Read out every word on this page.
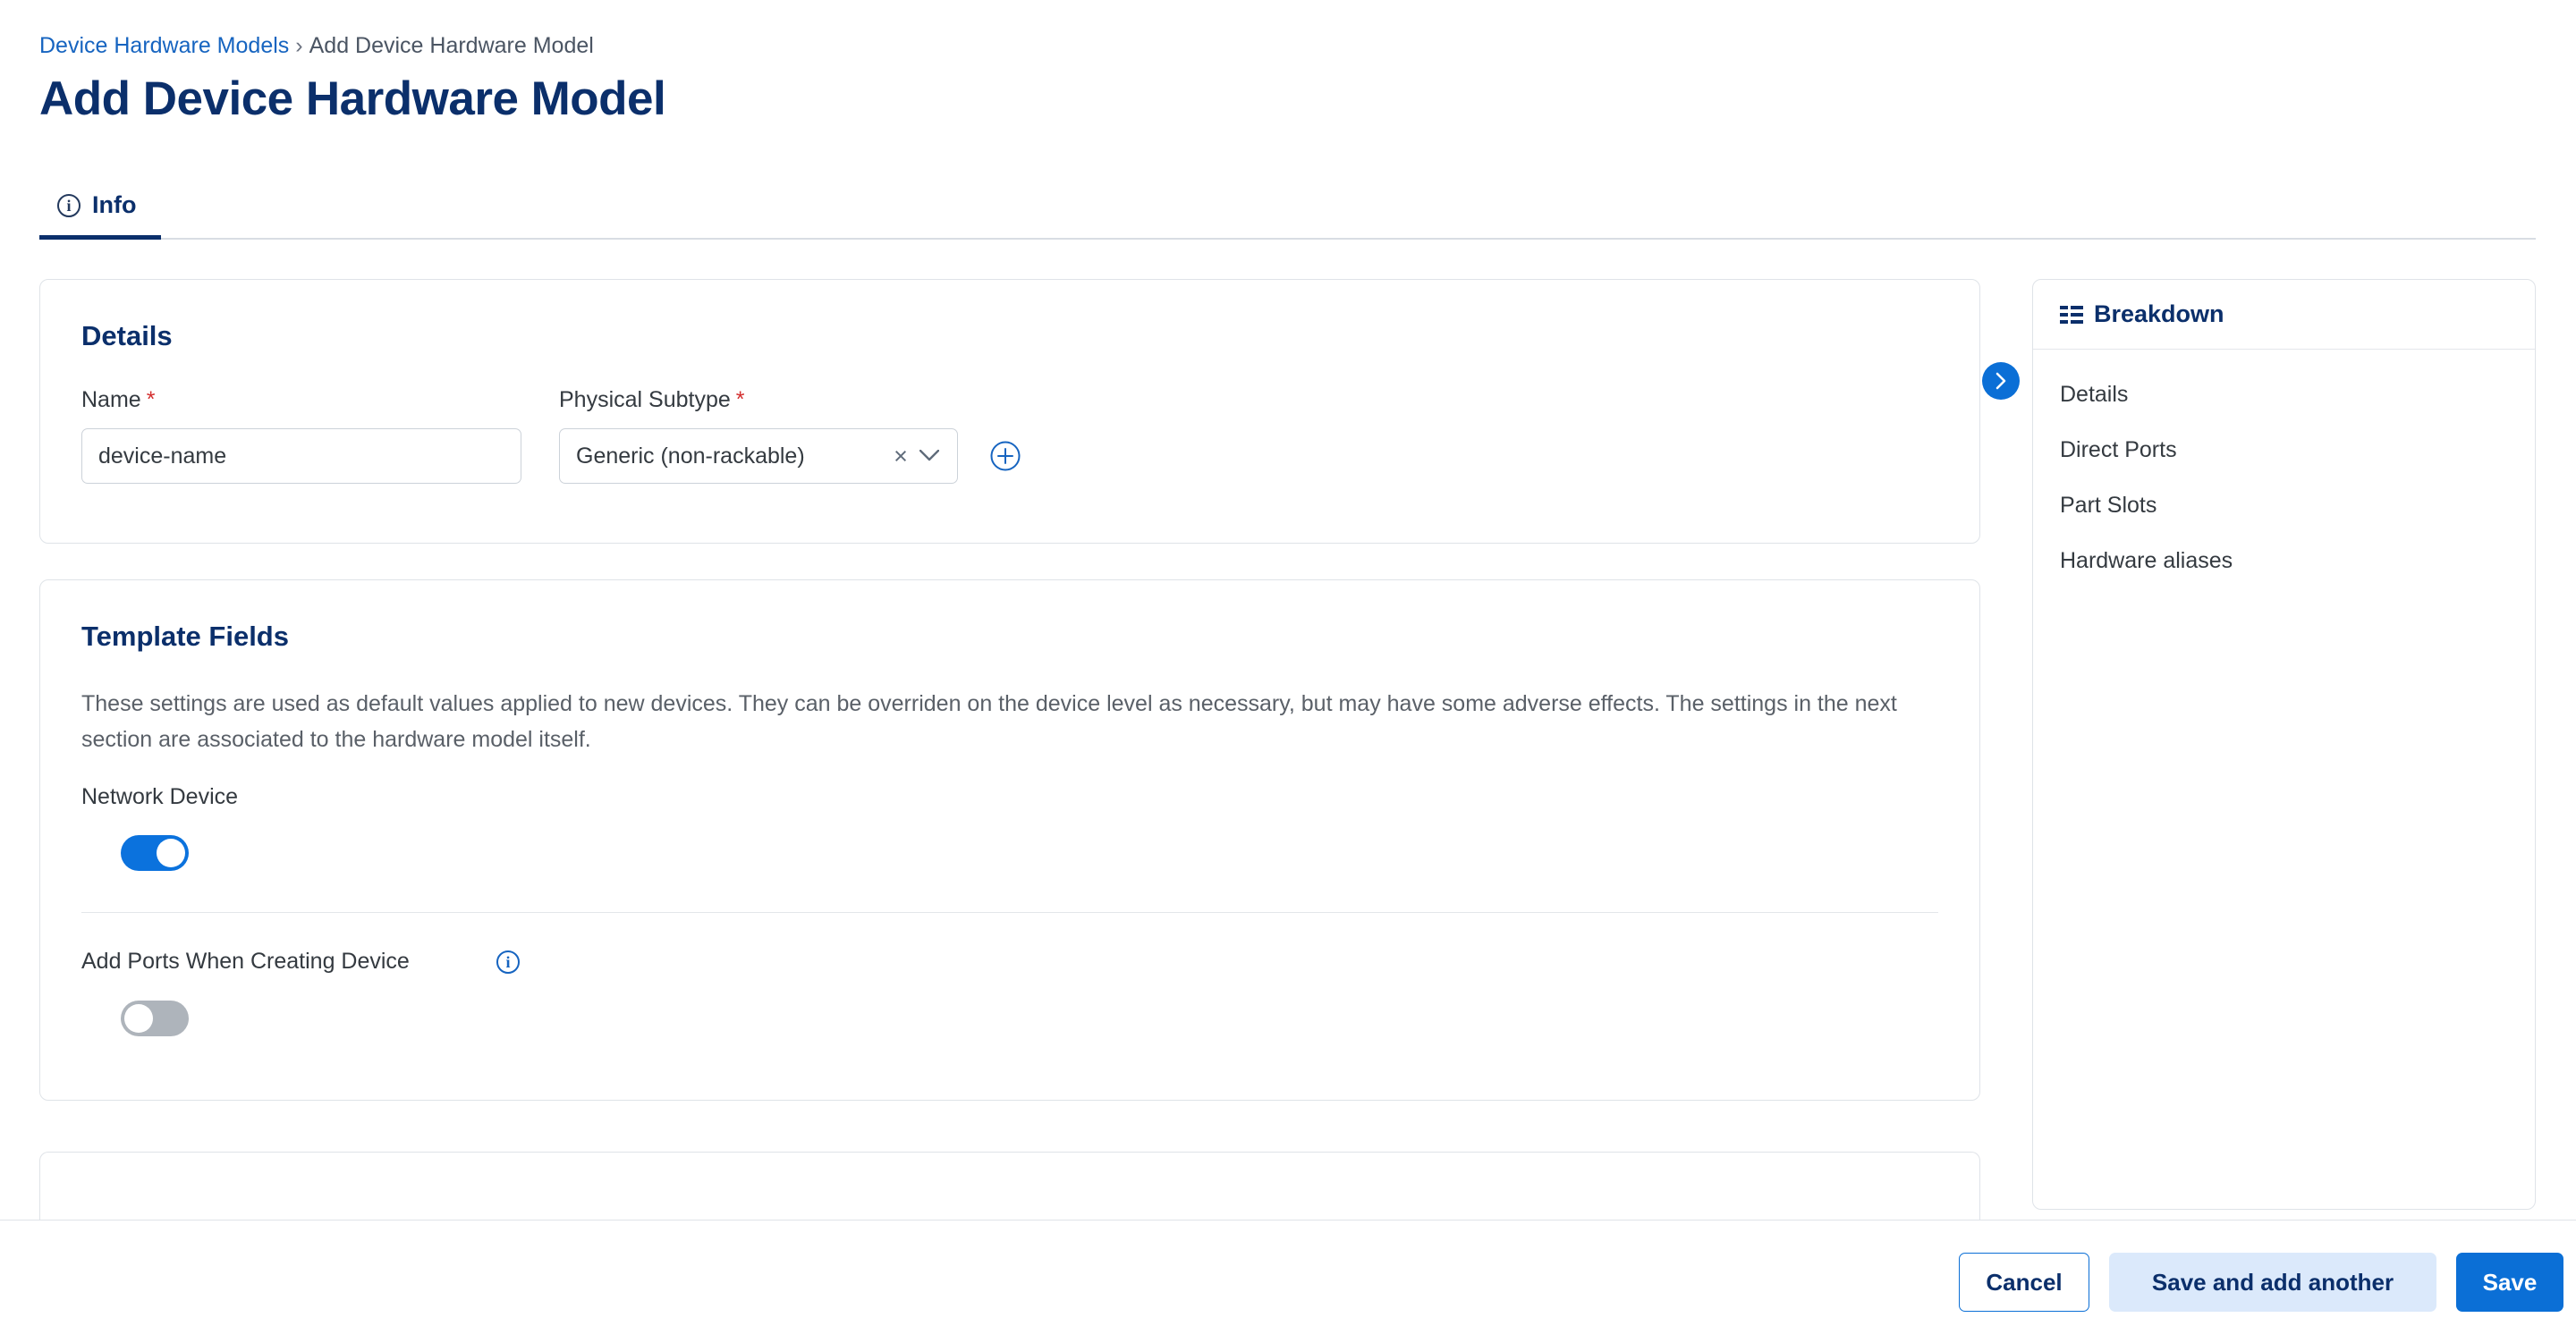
Device Hardware Models › Add Device Hardware Model
Add Device Hardware Model
i Info
Details
Name *
device-name	Physical Subtype *
Generic (non-rackable)	×
Template Fields
These settings are used as default values applied to new devices. They can be overriden on the device level as necessary, but may have some adverse effects. The settings in the next section are associated to the hardware model itself.
Network Device
Add Ports When Creating Device	i
Breakdown
Details
Direct Ports
Part Slots
Hardware aliases
Cancel	Save and add another	Save
